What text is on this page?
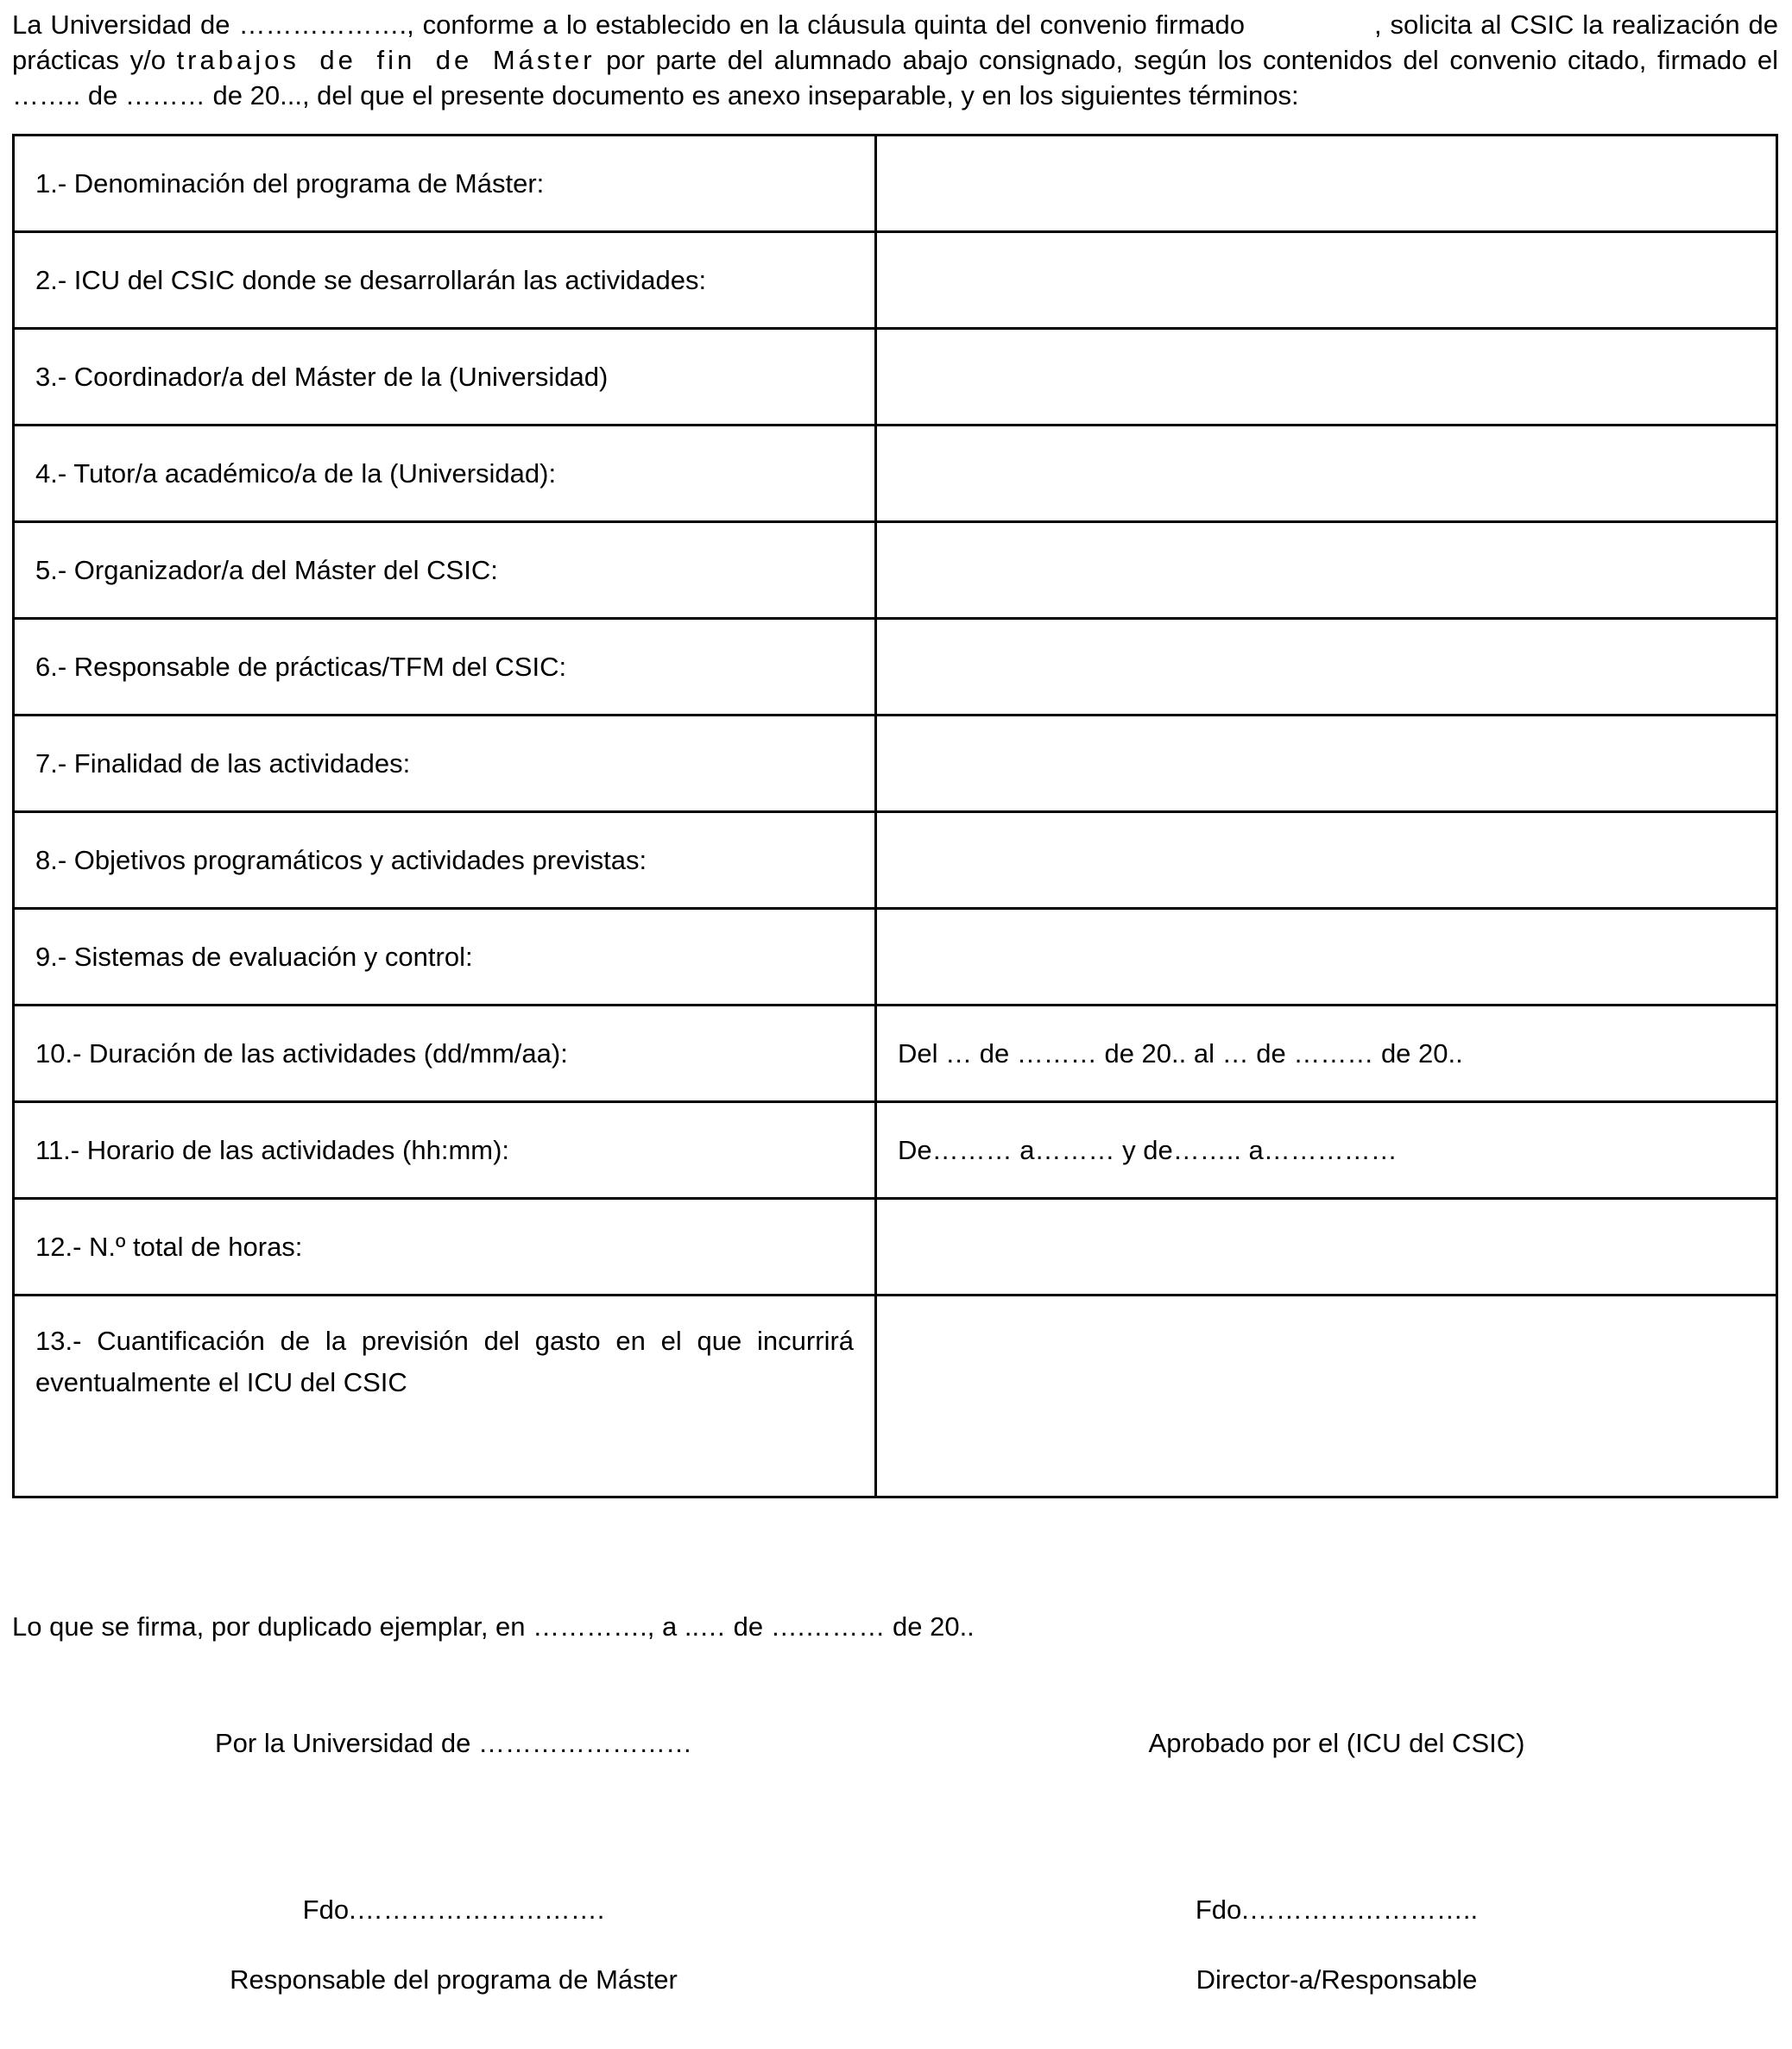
La Universidad de ………………., conforme a lo establecido en la cláusula quinta del convenio firmado	, solicita al CSIC la realización de prácticas y/o trabajos de fin de Máster por parte del alumnado abajo consignado, según los contenidos del convenio citado, firmado el …….. de ……… de 20..., del que el presente documento es anexo inseparable, y en los siguientes términos:

1.- Denominación del programa de Máster:	
2.- ICU del CSIC donde se desarrollarán las actividades:	
3.- Coordinador/a del Máster de la (Universidad)	
4.- Tutor/a académico/a de la (Universidad):	
5.- Organizador/a del Máster del CSIC:	
6.- Responsable de prácticas/TFM del CSIC:	
7.- Finalidad de las actividades:	
8.- Objetivos programáticos y actividades previstas:	
9.- Sistemas de evaluación y control:	
10.- Duración de las actividades (dd/mm/aa):	Del … de ……… de 20.. al … de ……… de 20..
11.- Horario de las actividades (hh:mm):	De……… a……… y de…….. a……………
12.- N.º total de horas:	
13.- Cuantificación de la previsión del gasto en el que incurrirá eventualmente el ICU del CSIC	

Lo que se firma, por duplicado ejemplar, en …………., a ..… de ….……… de 20..

Por la Universidad de ……………………

Fdo.……………………….

Responsable del programa de Máster

Aprobado por el (ICU del CSIC)

Fdo.……………………..

Director-a/Responsable
